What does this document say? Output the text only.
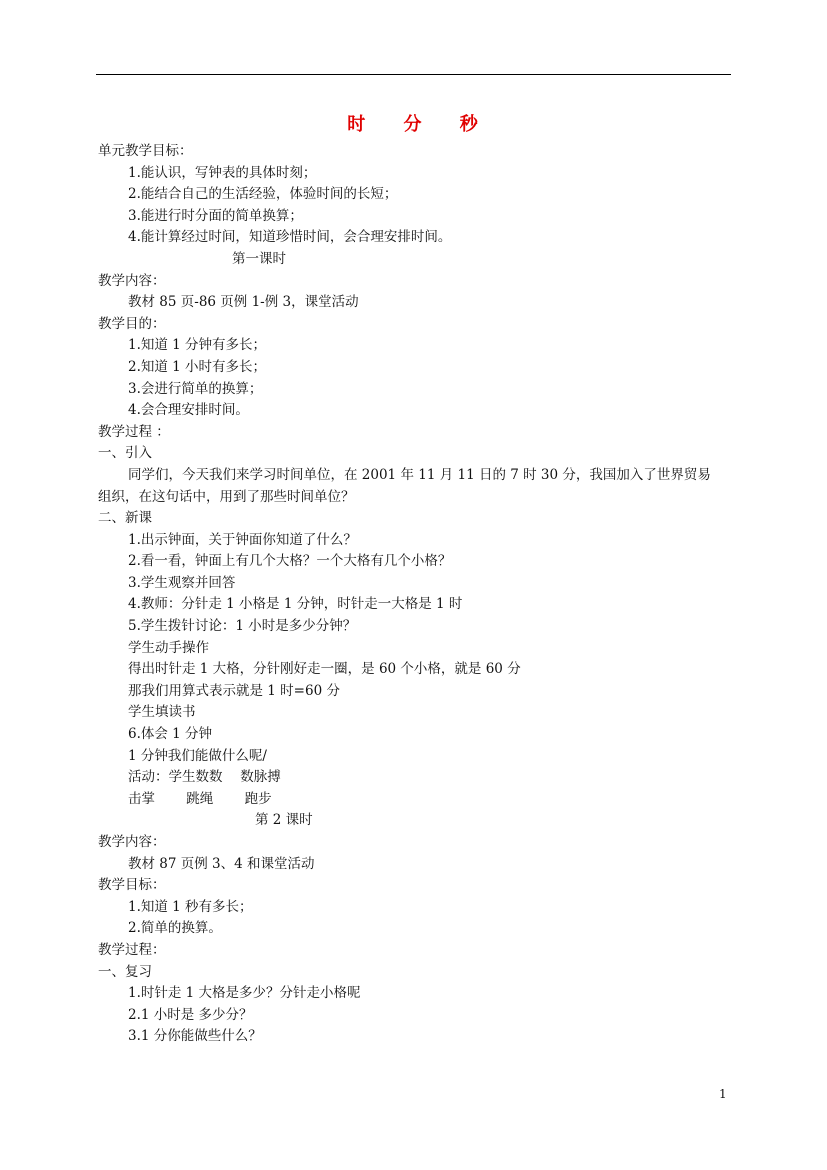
时 分 秒
单元教学目标：
1.能认识，写钟表的具体时刻；
2.能结合自己的生活经验，体验时间的长短；
3.能进行时分面的简单换算；
4.能计算经过时间，知道珍惜时间，会合理安排时间。
第一课时
教学内容：
教材 85 页-86 页例 1-例 3，课堂活动
教学目的：
1.知道 1 分钟有多长；
2.知道 1 小时有多长；
3.会进行简单的换算；
4.会合理安排时间。
教学过程 ：
一、引入
同学们，今天我们来学习时间单位，在 2001 年 11 月 11 日的 7 时 30 分，我国加入了世界贸易
组织，在这句话中，用到了那些时间单位？
二、新课
1.出示钟面，关于钟面你知道了什么？
2.看一看，钟面上有几个大格？一个大格有几个小格？
3.学生观察并回答
4.教师：分针走 1 小格是 1 分钟，时针走一大格是 1 时
5.学生拨针讨论：1 小时是多少分钟？
学生动手操作
得出时针走 1 大格，分针刚好走一圈，是 60 个小格，就是 60 分
那我们用算式表示就是 1 时=60 分
学生填读书
6.体会 1 分钟
1 分钟我们能做什么呢/
活动：学生数数　 数脉搏
击掌　　 跳绳　　 跑步
第 2 课时
教学内容：
教材 87 页例 3、4 和课堂活动
教学目标：
1.知道 1 秒有多长；
2.简单的换算。
教学过程：
一、复习
1.时针走 1 大格是多少？分针走小格呢
2.1 小时是 多少分？
3.1 分你能做些什么？
1
